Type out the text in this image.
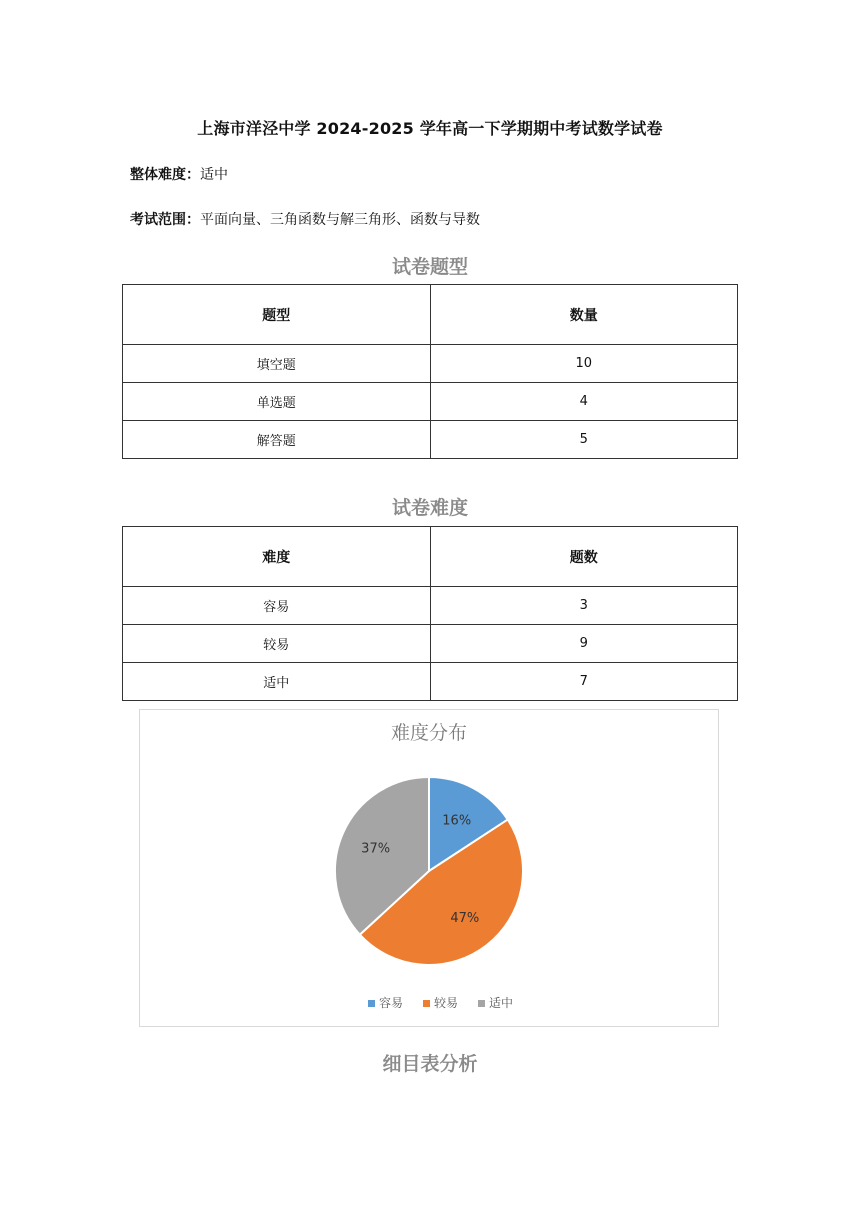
上海市洋泾中学 2024-2025 学年高一下学期期中考试数学试卷
整体难度：适中
考试范围：平面向量、三角函数与解三角形、函数与导数
试卷题型
题型	数量
填空题	10
单选题	4
解答题	5
试卷难度
难度	题数
容易	3
较易	9
适中	7
难度分布
16%
47%
37%
容易	较易	适中
细目表分析
